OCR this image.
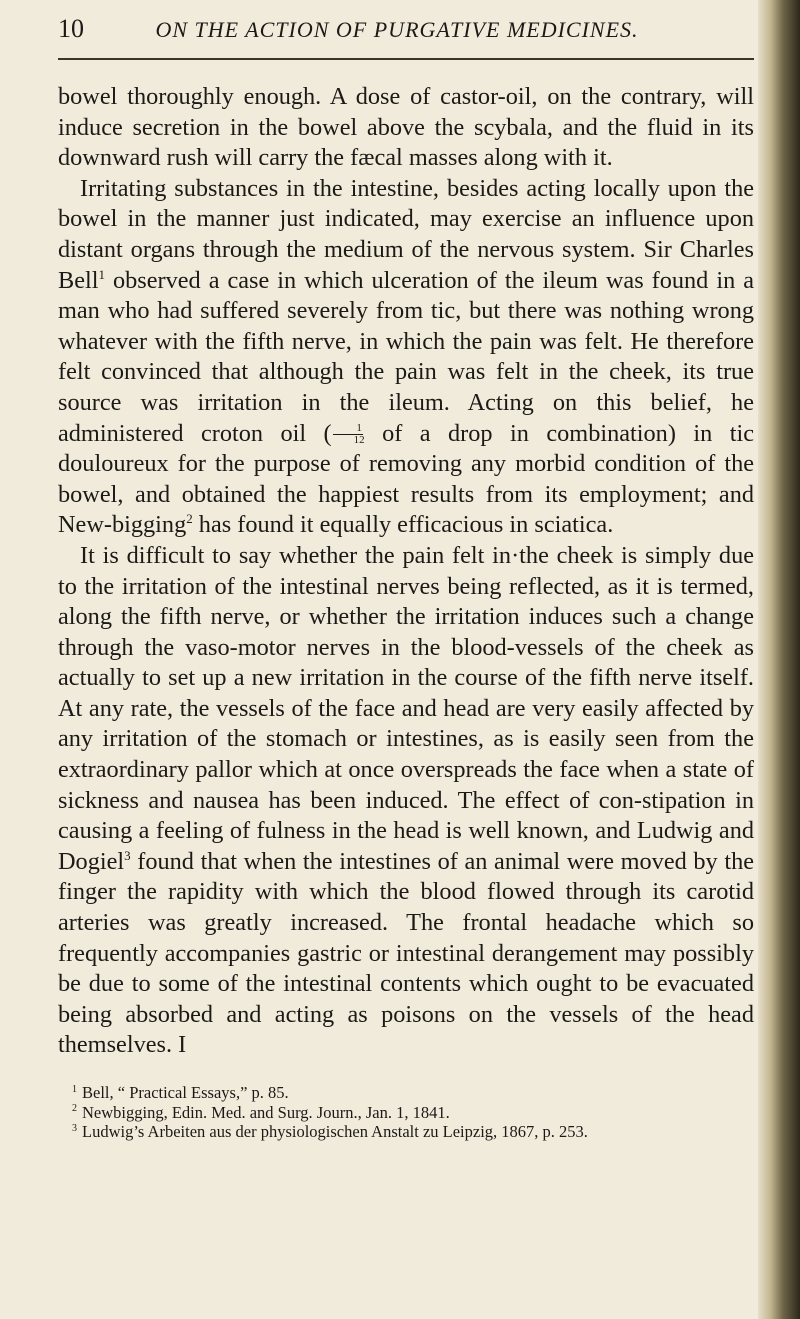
10	ON THE ACTION OF PURGATIVE MEDICINES.

bowel thoroughly enough. A dose of castor-oil, on the contrary, will induce secretion in the bowel above the scybala, and the fluid in its downward rush will carry the fæcal masses along with it.

Irritating substances in the intestine, besides acting locally upon the bowel in the manner just indicated, may exercise an influence upon distant organs through the medium of the nervous system. Sir Charles Bell$^1$ observed a case in which ulceration of the ileum was found in a man who had suffered severely from tic, but there was nothing wrong whatever with the fifth nerve, in which the pain was felt. He therefore felt convinced that although the pain was felt in the cheek, its true source was irritation in the ileum. Acting on this belief, he administered croton oil ( $\frac{1}{12}$ of a drop in combination) in tic douloureux for the purpose of removing any morbid condition of the bowel, and obtained the happiest results from its employment; and New-bigging$^2$ has found it equally efficacious in sciatica.

It is difficult to say whether the pain felt in·the cheek is simply due to the irritation of the intestinal nerves being reflected, as it is termed, along the fifth nerve, or whether the irritation induces such a change through the vaso-motor nerves in the blood-vessels of the cheek as actually to set up a new irritation in the course of the fifth nerve itself. At any rate, the vessels of the face and head are very easily affected by any irritation of the stomach or intestines, as is easily seen from the extraordinary pallor which at once overspreads the face when a state of sickness and nausea has been induced. The effect of con-stipation in causing a feeling of fulness in the head is well known, and Ludwig and Dogiel$^3$ found that when the intestines of an animal were moved by the finger the rapidity with which the blood flowed through its carotid arteries was greatly increased. The frontal headache which so frequently accompanies gastric or intestinal derangement may possibly be due to some of the intestinal contents which ought to be evacuated being absorbed and acting as poisons on the vessels of the head themselves. I

$^1$ Bell, “ Practical Essays,” p. 85.

$^2$ Newbigging, Edin. Med. and Surg. Journ., Jan. 1, 1841.

$^3$ Ludwig’s Arbeiten aus der physiologischen Anstalt zu Leipzig, 1867, p. 253.
